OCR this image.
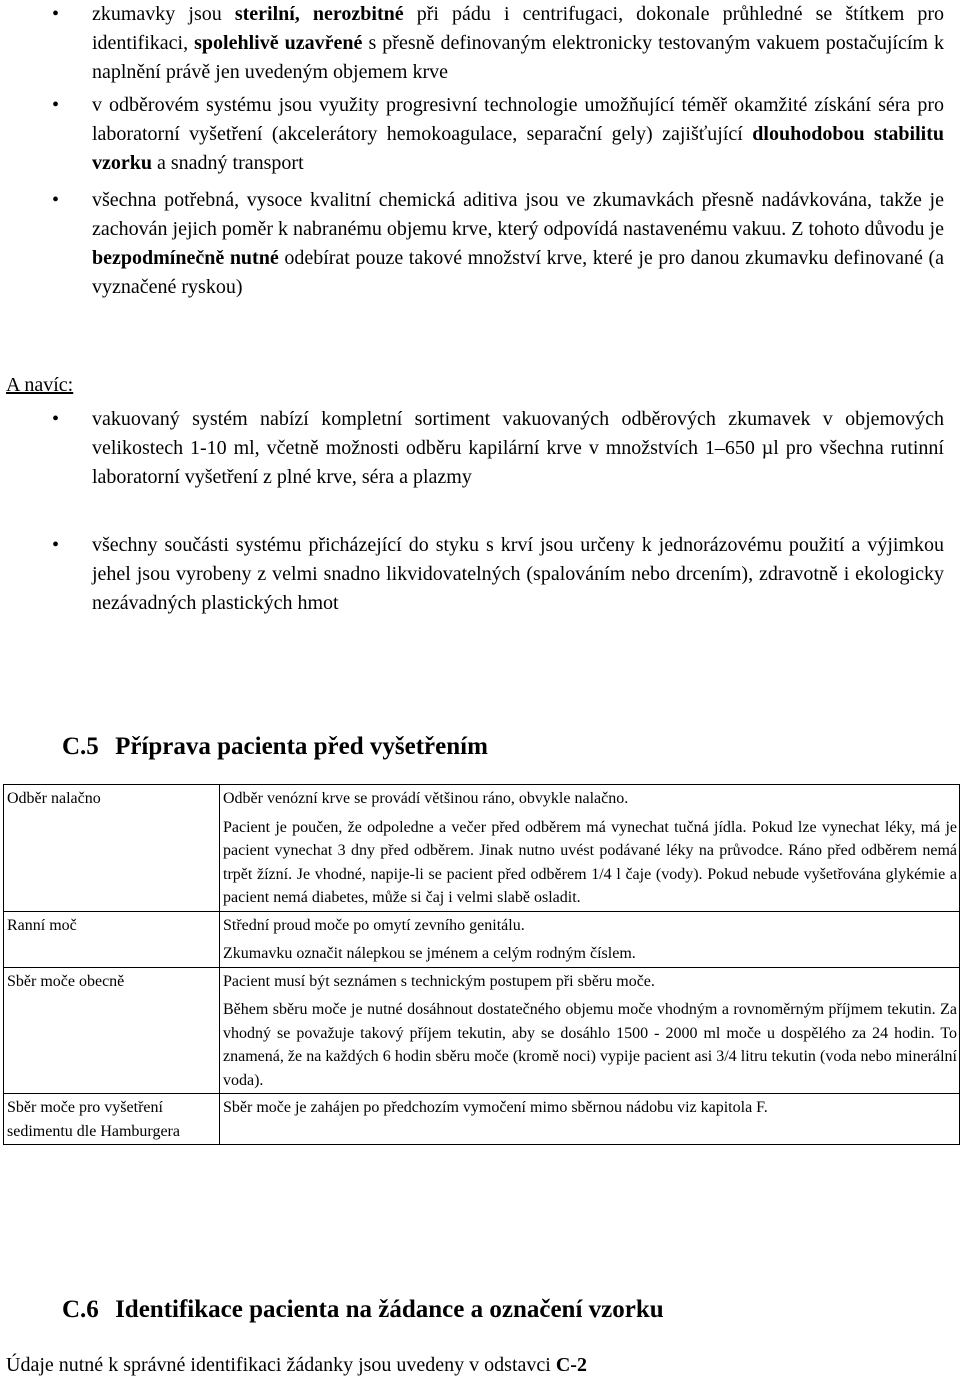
• zkumavky jsou sterilní, nerozbitné při pádu i centrifugaci, dokonale průhledné se štítkem pro identifikaci, spolehlivě uzavřené s přesně definovaným elektronicky testovaným vakuem postačujícím k naplnění právě jen uvedeným objemem krve
• v odběrovém systému jsou využity progresivní technologie umožňující téměř okamžité získání séra pro laboratorní vyšetření (akcelerátory hemokoagulace, separační gely) zajišťující dlouhodobou stabilitu vzorku a snadný transport
• všechna potřebná, vysoce kvalitní chemická aditiva jsou ve zkumavkách přesně nadávkována, takže je zachován jejich poměr k nabranému objemu krve, který odpovídá nastavenému vakuu. Z tohoto důvodu je bezpodmínečně nutné odebírat pouze takové množství krve, které je pro danou zkumavku definované (a vyznačené ryskou)
A navíc:
• vakuovaný systém nabízí kompletní sortiment vakuovaných odběrových zkumavek v objemových velikostech 1-10 ml, včetně možnosti odběru kapilární krve v množstvích 1–650 µl pro všechna rutinní laboratorní vyšetření z plné krve, séra a plazmy
• všechny součásti systému přicházející do styku s krví jsou určeny k jednorázovému použití a výjimkou jehel jsou vyrobeny z velmi snadno likvidovatelných (spalováním nebo drcením), zdravotně i ekologicky nezávadných plastických hmot
C.5 Příprava pacienta před vyšetřením
Odběr nalačno	Odběr venózní krve se provádí většinou ráno, obvykle nalačno.

Pacient je poučen, že odpoledne a večer před odběrem má vynechat tučná jídla. Pokud lze vynechat léky, má je pacient vynechat 3 dny před odběrem. Jinak nutno uvést podávané léky na průvodce. Ráno před odběrem nemá trpět žízní. Je vhodné, napije-li se pacient před odběrem 1/4 l čaje (vody). Pokud nebude vyšetřována glykémie a pacient nemá diabetes, může si čaj i velmi slabě osladit.

Ranní moč	Střední proud moče po omytí zevního genitálu.

Zkumavku označit nálepkou se jménem a celým rodným číslem.

Sběr moče obecně	Pacient musí být seznámen s technickým postupem při sběru moče.

Během sběru moče je nutné dosáhnout dostatečného objemu moče vhodným a rovnoměrným příjmem tekutin. Za vhodný se považuje takový příjem tekutin, aby se dosáhlo 1500 - 2000 ml moče u dospělého za 24 hodin. To znamená, že na každých 6 hodin sběru moče (kromě noci) vypije pacient asi 3/4 litru tekutin (voda nebo minerální voda).

Sběr moče pro vyšetření sedimentu dle Hamburgera	Sběr moče je zahájen po předchozím vymočení mimo sběrnou nádobu viz kapitola F.

C.6 Identifikace pacienta na žádance a označení vzorku
Údaje nutné k správné identifikaci žádanky jsou uvedeny v odstavci C-2
